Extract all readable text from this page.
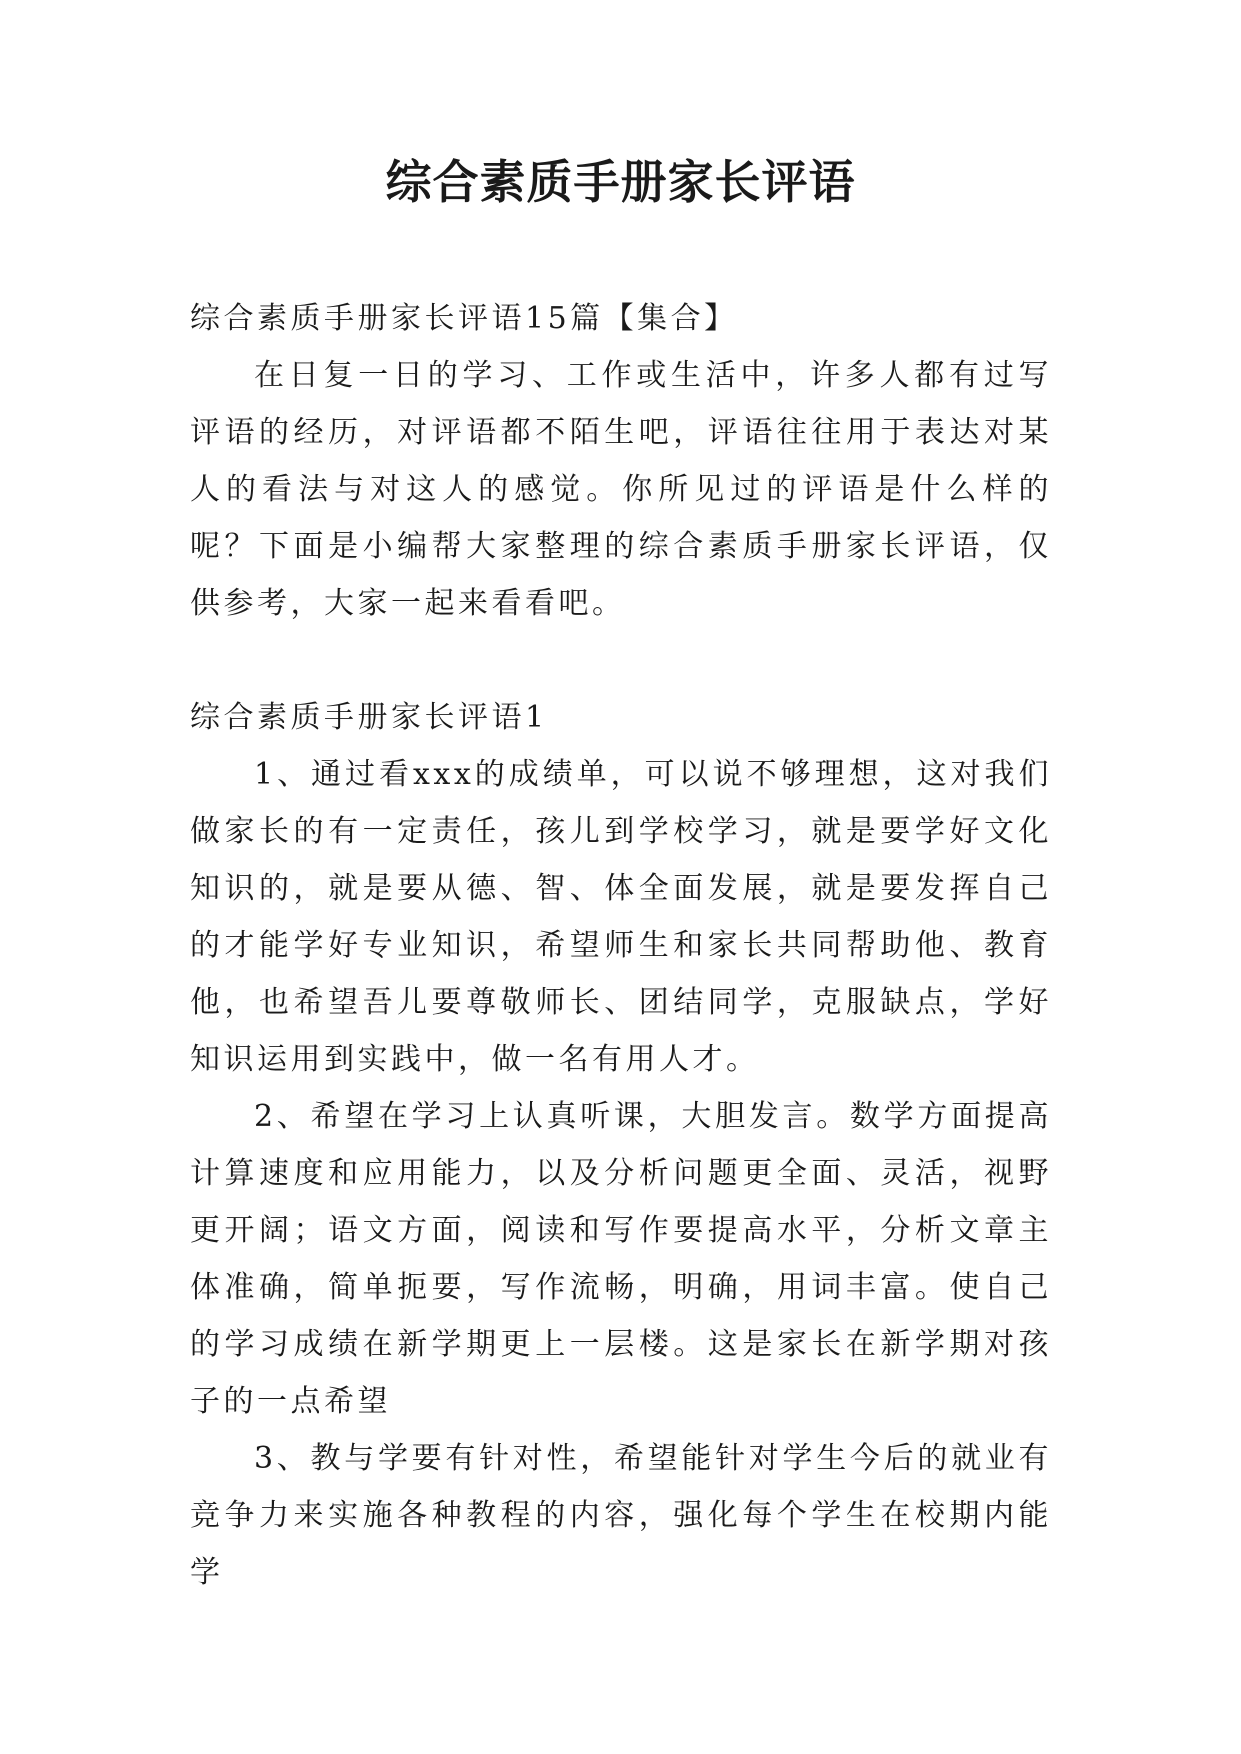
综合素质手册家长评语

综合素质手册家长评语15篇【集合】

在日复一日的学习、工作或生活中，许多人都有过写评语的经历，对评语都不陌生吧，评语往往用于表达对某人的看法与对这人的感觉。你所见过的评语是什么样的呢？下面是小编帮大家整理的综合素质手册家长评语，仅供参考，大家一起来看看吧。

综合素质手册家长评语1

1、通过看xxx的成绩单，可以说不够理想，这对我们做家长的有一定责任，孩儿到学校学习，就是要学好文化知识的，就是要从德、智、体全面发展，就是要发挥自己的才能学好专业知识，希望师生和家长共同帮助他、教育他，也希望吾儿要尊敬师长、团结同学，克服缺点，学好知识运用到实践中，做一名有用人才。

2、希望在学习上认真听课，大胆发言。数学方面提高计算速度和应用能力，以及分析问题更全面、灵活，视野更开阔；语文方面，阅读和写作要提高水平，分析文章主体准确，简单扼要，写作流畅，明确，用词丰富。使自己的学习成绩在新学期更上一层楼。这是家长在新学期对孩子的一点希望

3、教与学要有针对性，希望能针对学生今后的就业有竞争力来实施各种教程的内容，强化每个学生在校期内能学
